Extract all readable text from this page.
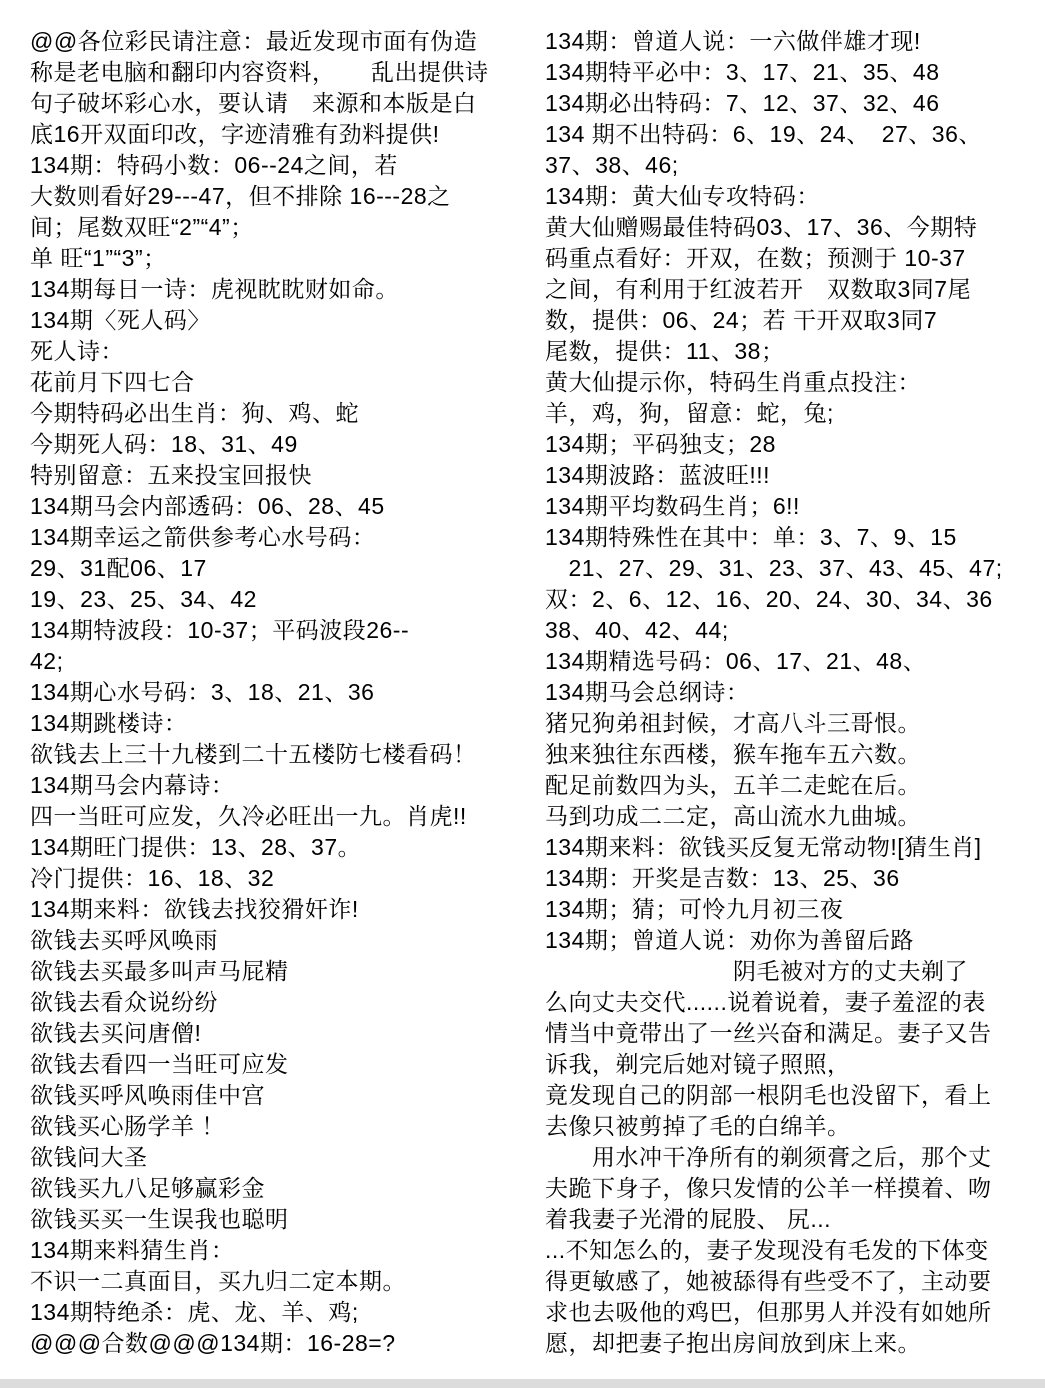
@@各位彩民请注意：最近发现市面有伪造
称是老电脑和翻印内容资料，　　乱出提供诗
句子破坏彩心水，要认请　来源和本版是白
底16开双面印改，字迹清雅有劲料提供!
134期：特码小数：06--24之间，若
大数则看好29---47，但不排除 16---28之
间；尾数双旺“2”“4”；
单 旺“1”“3”；
134期每日一诗：虎视眈眈财如命。
134期〈死人码〉
死人诗：
花前月下四七合
今期特码必出生肖：狗、鸡、蛇
今期死人码：18、31、49
特别留意：五来投宝回报快
134期马会内部透码：06、28、45
134期幸运之箭供参考心水号码：
29、31配06、17
19、23、25、34、42
134期特波段：10-37；平码波段26--
42;
134期心水号码：3、18、21、36
134期跳楼诗：
欲钱去上三十九楼到二十五楼防七楼看码！
134期马会内幕诗：
四一当旺可应发，久冷必旺出一九。肖虎!!
134期旺门提供：13、28、37。
冷门提供：16、18、32
134期来料：欲钱去找狡猾奸诈!
欲钱去买呼风唤雨
欲钱去买最多叫声马屁精
欲钱去看众说纷纷
欲钱去买问唐僧!
欲钱去看四一当旺可应发
欲钱买呼风唤雨佳中宫
欲钱买心肠学羊 ！
欲钱问大圣
欲钱买九八足够赢彩金
欲钱买买一生误我也聪明
134期来料猜生肖：
不识一二真面目，买九归二定本期。
134期特绝杀：虎、龙、羊、鸡;
@@@合数@@@134期：16-28=?
134期：曾道人说：一六做伴雄才现!
134期特平必中：3、17、21、35、48
134期必出特码：7、12、37、32、46
134 期不出特码：6、19、24、　27、36、
37、38、46;
134期：黄大仙专攻特码：
黄大仙赠赐最佳特码03、17、36、今期特
码重点看好：开双，在数；预测于 10-37
之间，有利用于红波若开　双数取3同7尾
数，提供：06、24；若 干开双取3同7
尾数，提供：11、38；
黄大仙提示你，特码生肖重点投注：
羊，鸡，狗，留意：蛇，兔;
134期；平码独支；28
134期波路：蓝波旺!!!
134期平均数码生肖；6!!
134期特殊性在其中：单：3、7、9、15
　21、27、29、31、23、37、43、45、47;
双：2、6、12、16、20、24、30、34、36
38、40、42、44;
134期精选号码：06、17、21、48、
134期马会总纲诗：
猪兄狗弟祖封候，才高八斗三哥恨。
独来独往东西楼，猴车拖车五六数。
配足前数四为头，五羊二走蛇在后。
马到功成二二定，高山流水九曲城。
134期来料：欲钱买反复无常动物![猜生肖]
134期：开奖是吉数：13、25、36
134期；猜；可怜九月初三夜
134期；曾道人说：劝你为善留后路
　　　　　　　　阴毛被对方的丈夫剃了
么向丈夫交代......说着说着，妻子羞涩的表
情当中竟带出了一丝兴奋和满足。妻子又告
诉我，剃完后她对镜子照照，
竟发现自己的阴部一根阴毛也没留下，看上
去像只被剪掉了毛的白绵羊。
　　用水冲干净所有的剃须膏之后，那个丈
夫跪下身子，像只发情的公羊一样摸着、吻
着我妻子光滑的屁股、 尻...
...不知怎么的，妻子发现没有毛发的下体变
得更敏感了，她被舔得有些受不了，主动要
求也去吸他的鸡巴，但那男人并没有如她所
愿，却把妻子抱出房间放到床上来。
